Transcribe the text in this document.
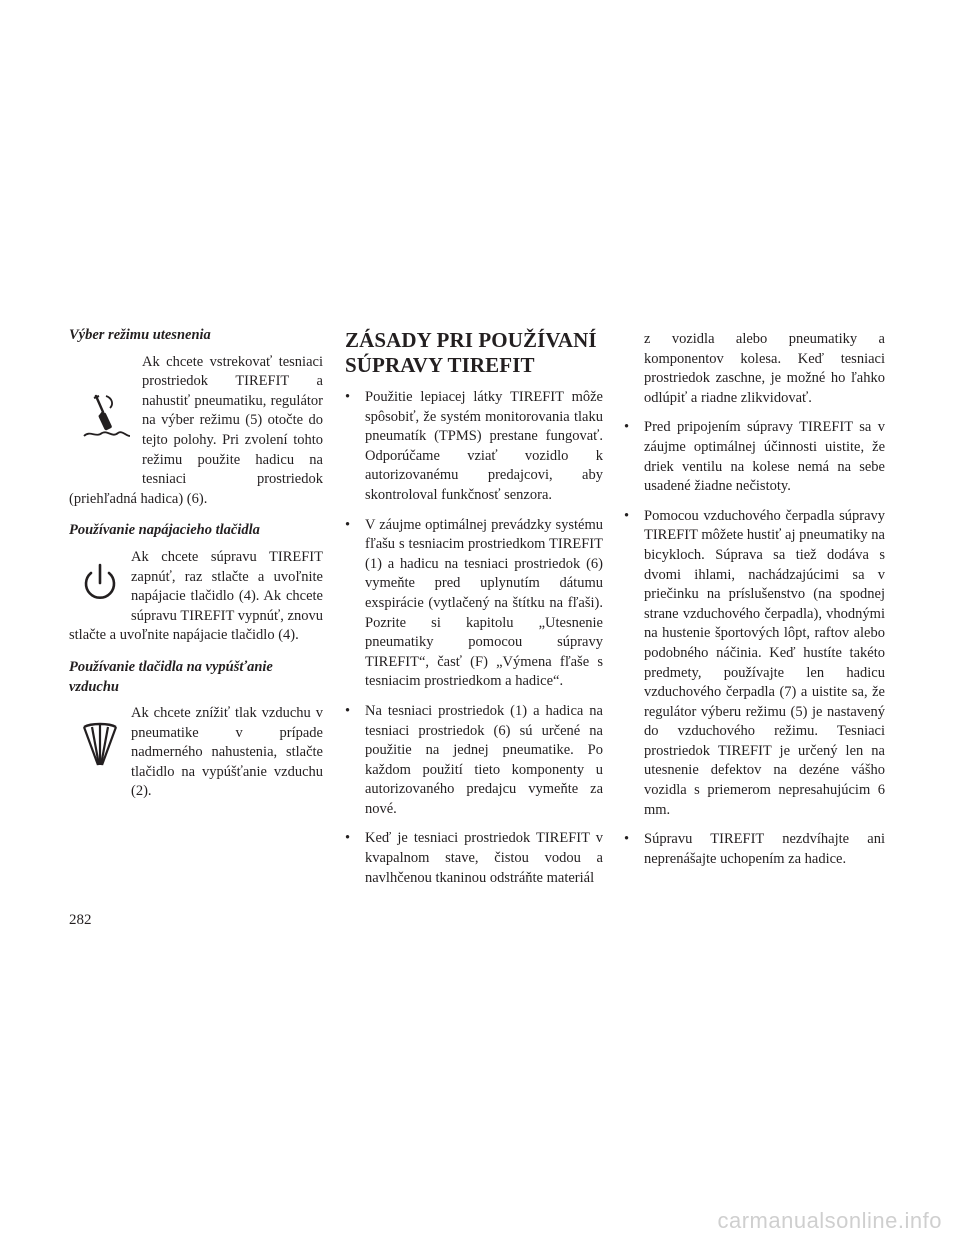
Výber režimu utesnenia

Ak chcete vstrekovať tesniaci prostriedok TIREFIT a nahustiť pneumatiku, regulátor na výber režimu (5) otočte do tejto polohy. Pri zvolení tohto režimu použite hadicu na tesniaci prostriedok (priehľadná hadica) (6).

Používanie napájacieho tlačidla

Ak chcete súpravu TIREFIT zapnúť, raz stlačte a uvoľnite napájacie tlačidlo (4). Ak chcete súpravu TIREFIT vypnúť, znovu stlačte a uvoľnite napájacie tlačidlo (4).

Používanie tlačidla na vypúšťanie vzduchu

Ak chcete znížiť tlak vzduchu v pneumatike v prípade nadmerného nahustenia, stlačte tlačidlo na vypúšťanie vzduchu (2).

ZÁSADY PRI POUŽÍVANÍ SÚPRAVY TIREFIT
• Použitie lepiacej látky TIREFIT môže spôsobiť, že systém monitorovania tlaku pneumatík (TPMS) prestane fungovať. Odporúčame vziať vozidlo k autorizovanému predajcovi, aby skontroloval funkčnosť senzora.
• V záujme optimálnej prevádzky systému fľašu s tesniacim prostriedkom TIREFIT (1) a hadicu na tesniaci prostriedok (6) vymeňte pred uplynutím dátumu exspirácie (vytlačený na štítku na fľaši). Pozrite si kapitolu „Utesnenie pneumatiky pomocou súpravy TIREFIT“, časť (F) „Výmena fľaše s tesniacim prostriedkom a hadice“.
• Na tesniaci prostriedok (1) a hadica na tesniaci prostriedok (6) sú určené na použitie na jednej pneumatike. Po každom použití tieto komponenty u autorizovaného predajcu vymeňte za nové.
• Keď je tesniaci prostriedok TIREFIT v kvapalnom stave, čistou vodou a navlhčenou tkaninou odstráňte materiál

z vozidla alebo pneumatiky a komponentov kolesa. Keď tesniaci prostriedok zaschne, je možné ho ľahko odlúpiť a riadne zlikvidovať.

• Pred pripojením súpravy TIREFIT sa v záujme optimálnej účinnosti uistite, že driek ventilu na kolese nemá na sebe usadené žiadne nečistoty.
• Pomocou vzduchového čerpadla súpravy TIREFIT môžete hustiť aj pneumatiky na bicykloch. Súprava sa tiež dodáva s dvomi ihlami, nachádzajúcimi sa v priečinku na príslušenstvo (na spodnej strane vzduchového čerpadla), vhodnými na hustenie športových lôpt, raftov alebo podobného náčinia. Keď hustíte takéto predmety, používajte len hadicu vzduchového čerpadla (7) a uistite sa, že regulátor výberu režimu (5) je nastavený do vzduchového režimu. Tesniaci prostriedok TIREFIT je určený len na utesnenie defektov na dezéne vášho vozidla s priemerom nepresahujúcim 6 mm.
• Súpravu TIREFIT nezdvíhajte ani neprenášajte uchopením za hadice.
282
carmanualsonline.info
